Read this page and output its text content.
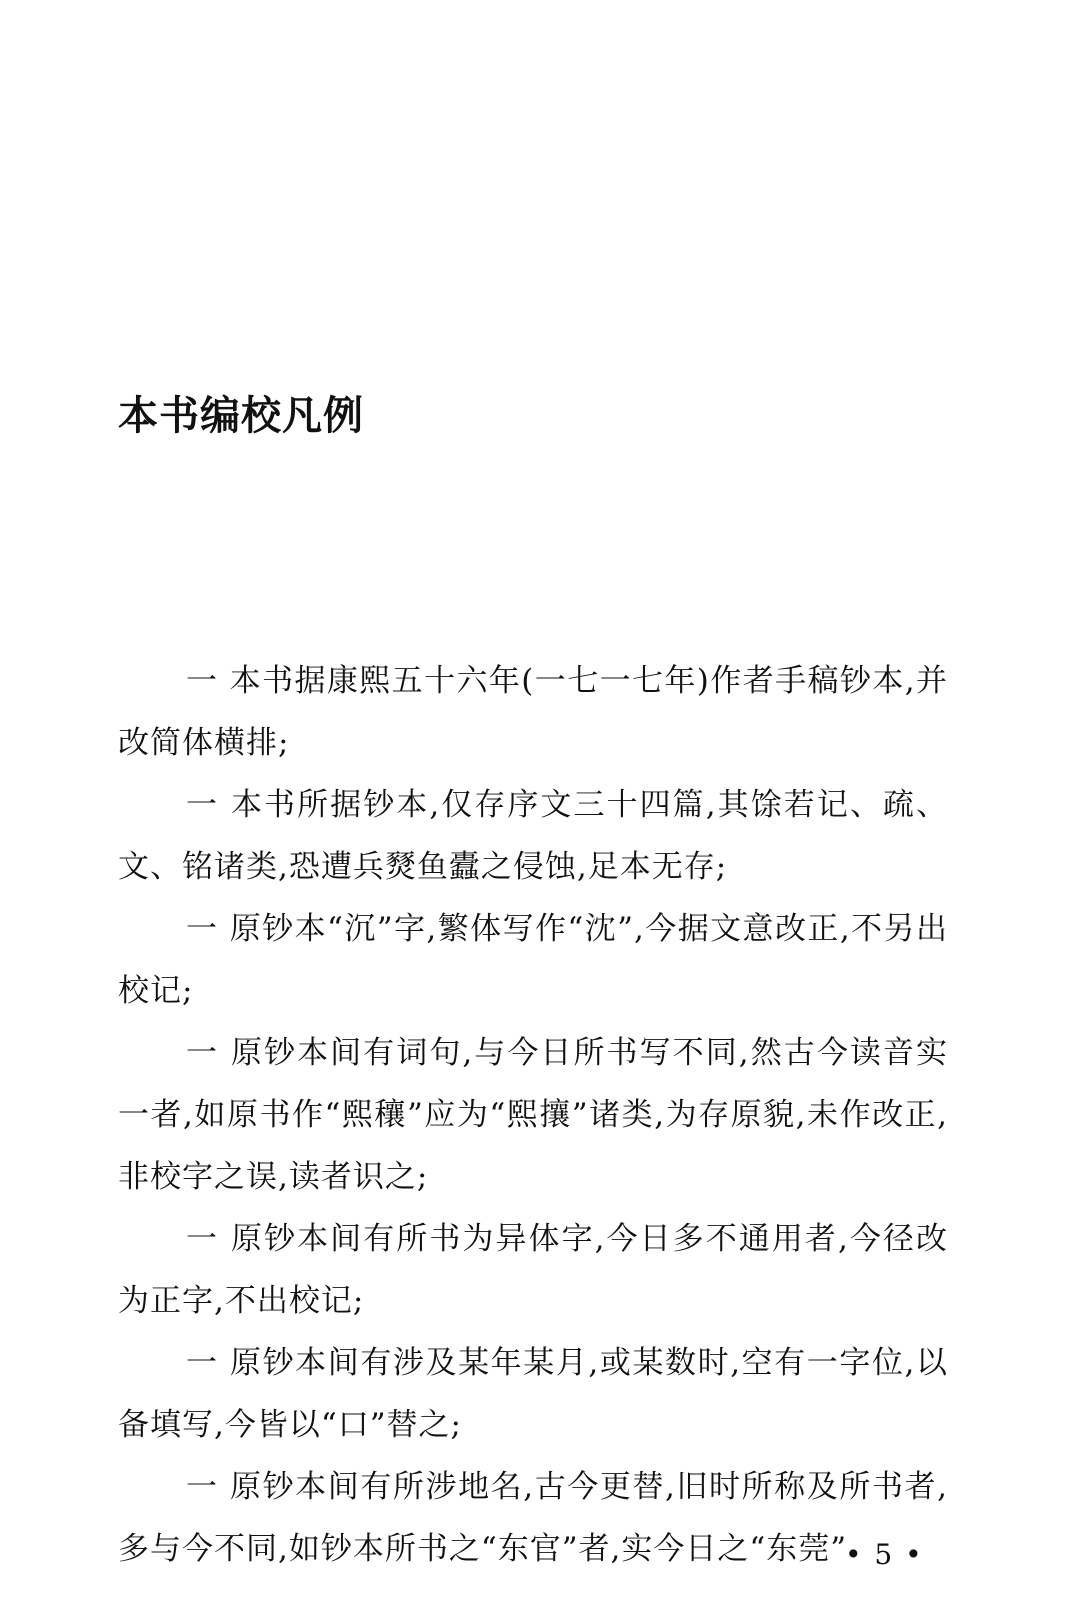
本书编校凡例

一 本书据康熙五十六年(一七一七年)作者手稿钞本,并改简体横排;

一 本书所据钞本,仅存序文三十四篇,其馀若记、疏、文、铭诸类,恐遭兵燹鱼蠹之侵蚀,足本无存;

一 原钞本“沉”字,繁体写作“沈”,今据文意改正,不另出校记;

一 原钞本间有词句,与今日所书写不同,然古今读音实一者,如原书作“熙穰”应为“熙攘”诸类,为存原貌,未作改正,非校字之误,读者识之;

一 原钞本间有所书为异体字,今日多不通用者,今径改为正字,不出校记;

一 原钞本间有涉及某年某月,或某数时,空有一字位,以备填写,今皆以“口”替之;

一 原钞本间有所涉地名,古今更替,旧时所称及所书者,多与今不同,如钞本所书之“东官”者,实今日之“东莞”

• 5 •
